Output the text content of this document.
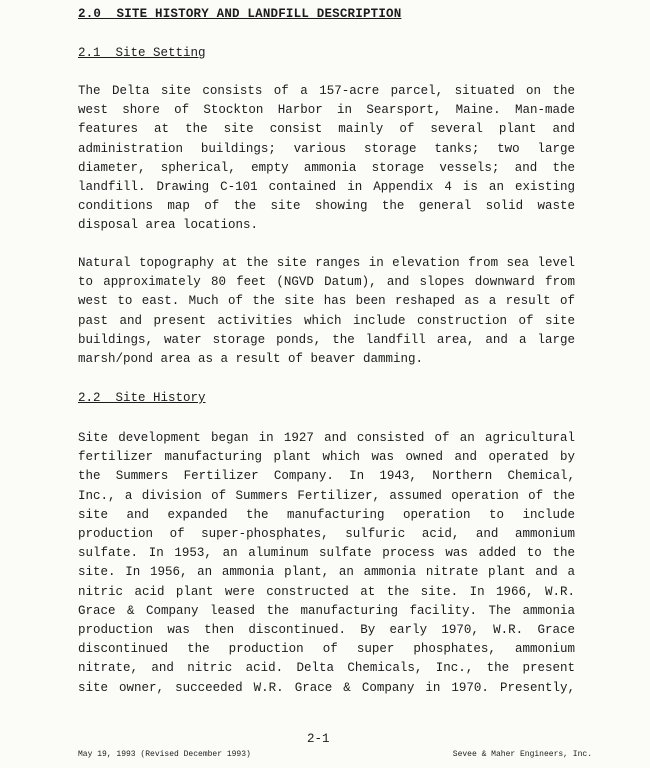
2.0  SITE HISTORY AND LANDFILL DESCRIPTION
2.1  Site Setting

The Delta site consists of a 157-acre parcel, situated on the

west shore of Stockton Harbor in Searsport, Maine. Man-made

features at the site consist mainly of several plant and

administration buildings; various storage tanks; two large

diameter, spherical, empty ammonia storage vessels; and the

landfill. Drawing C-101 contained in Appendix 4 is an existing

conditions map of the site showing the general solid waste

disposal area locations.

Natural topography at the site ranges in elevation from sea level

to approximately 80 feet (NGVD Datum), and slopes downward from

west to east. Much of the site has been reshaped as a result of

past and present activities which include construction of site

buildings, water storage ponds, the landfill area, and a large

marsh/pond area as a result of beaver damming.

2.2  Site History

Site development began in 1927 and consisted of an agricultural

fertilizer manufacturing plant which was owned and operated by

the Summers Fertilizer Company. In 1943, Northern Chemical,

Inc., a division of Summers Fertilizer, assumed operation of the

site and expanded the manufacturing operation to include

production of super-phosphates, sulfuric acid, and ammonium

sulfate. In 1953, an aluminum sulfate process was added to the

site. In 1956, an ammonia plant, an ammonia nitrate plant and a

nitric acid plant were constructed at the site. In 1966, W.R.

Grace & Company leased the manufacturing facility. The ammonia

production was then discontinued. By early 1970, W.R. Grace

discontinued the production of super phosphates, ammonium

nitrate, and nitric acid. Delta Chemicals, Inc., the present

site owner, succeeded W.R. Grace & Company in 1970. Presently,

2-1
May 19, 1993 (Revised December 1993)	Sevee & Maher Engineers, Inc.
